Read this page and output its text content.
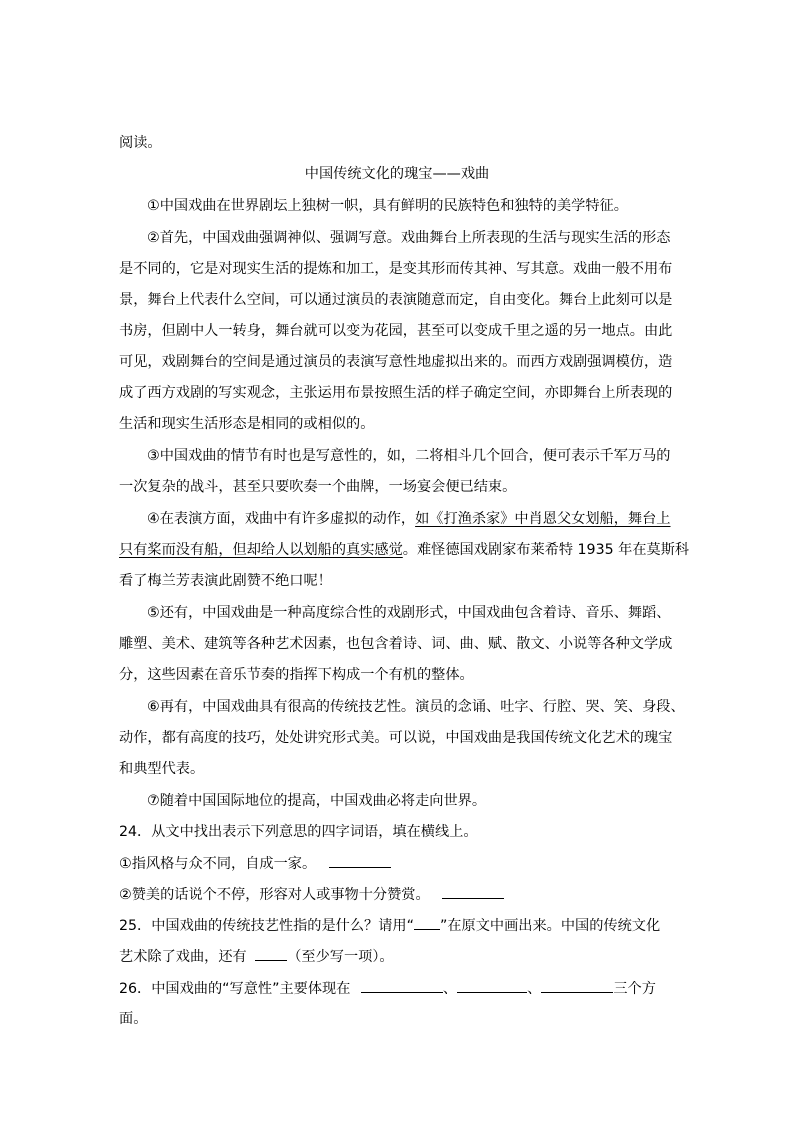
阅读。
中国传统文化的瑰宝——戏曲
①中国戏曲在世界剧坛上独树一帜，具有鲜明的民族特色和独特的美学特征。
②首先，中国戏曲强调神似、强调写意。戏曲舞台上所表现的生活与现实生活的形态
是不同的，它是对现实生活的提炼和加工，是变其形而传其神、写其意。戏曲一般不用布
景，舞台上代表什么空间，可以通过演员的表演随意而定，自由变化。舞台上此刻可以是
书房，但剧中人一转身，舞台就可以变为花园，甚至可以变成千里之遥的另一地点。由此
可见，戏剧舞台的空间是通过演员的表演写意性地虚拟出来的。而西方戏剧强调模仿，造
成了西方戏剧的写实观念，主张运用布景按照生活的样子确定空间，亦即舞台上所表现的
生活和现实生活形态是相同的或相似的。
③中国戏曲的情节有时也是写意性的，如，二将相斗几个回合，便可表示千军万马的
一次复杂的战斗，甚至只要吹奏一个曲牌，一场宴会便已结束。
④在表演方面，戏曲中有许多虚拟的动作，如《打渔杀家》中肖恩父女划船，舞台上
只有桨而没有船，但却给人以划船的真实感觉。难怪德国戏剧家布莱希特 1935 年在莫斯科
看了梅兰芳表演此剧赞不绝口呢！
⑤还有，中国戏曲是一种高度综合性的戏剧形式，中国戏曲包含着诗、音乐、舞蹈、
雕塑、美术、建筑等各种艺术因素，也包含着诗、词、曲、赋、散文、小说等各种文学成
分，这些因素在音乐节奏的指挥下构成一个有机的整体。
⑥再有，中国戏曲具有很高的传统技艺性。演员的念诵、吐字、行腔、哭、笑、身段、
动作，都有高度的技巧，处处讲究形式美。可以说，中国戏曲是我国传统文化艺术的瑰宝
和典型代表。
⑦随着中国国际地位的提高，中国戏曲必将走向世界。
24．从文中找出表示下列意思的四字词语，填在横线上。
①指风格与众不同，自成一家。
②赞美的话说个不停，形容对人或事物十分赞赏。
25．中国戏曲的传统技艺性指的是什么？请用“ ”在原文中画出来。中国的传统文化
艺术除了戏曲，还有	（至少写一项）。
26．中国戏曲的“写意性”主要体现在	、	、	三个方
面。
